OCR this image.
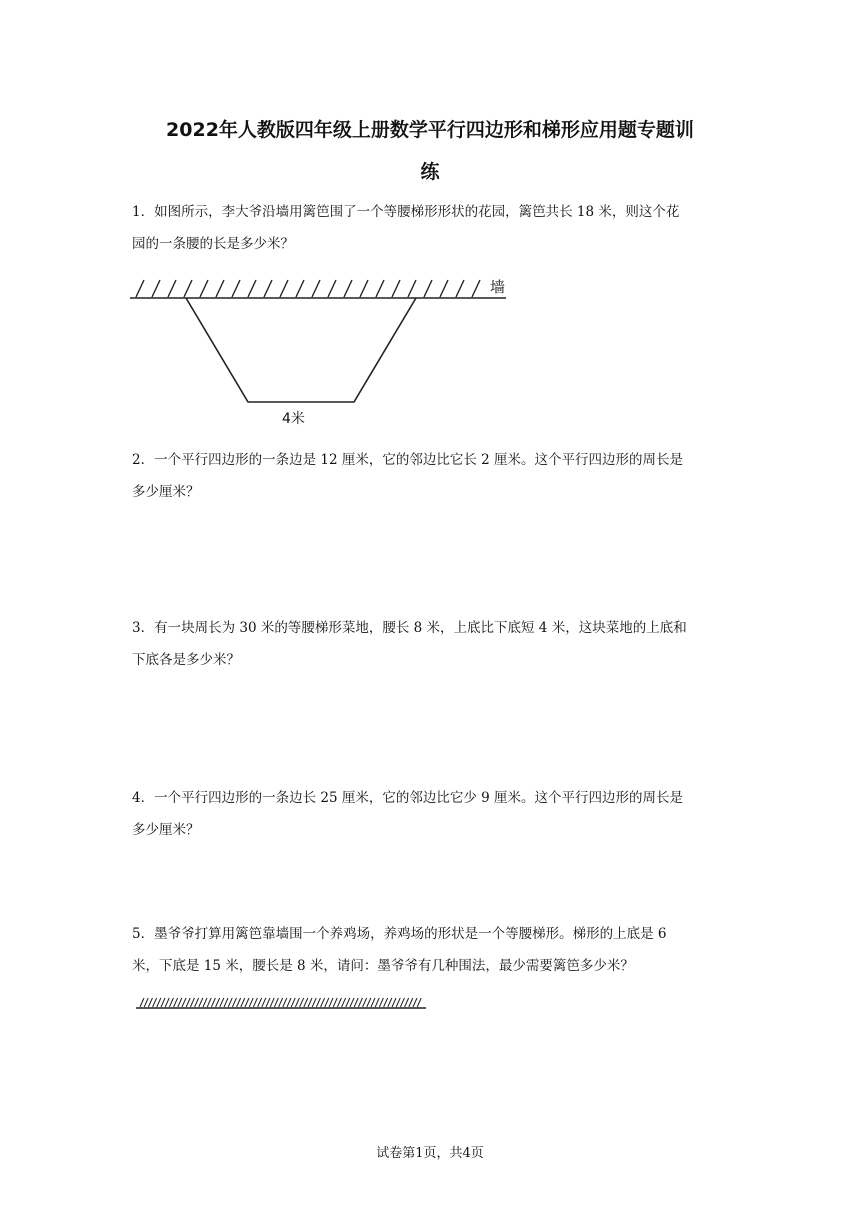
2022年人教版四年级上册数学平行四边形和梯形应用题专题训
练
1．如图所示，李大爷沿墙用篱笆围了一个等腰梯形形状的花园，篱笆共长 18 米，则这个花
园的一条腰的长是多少米？
墙
4米
2．一个平行四边形的一条边是 12 厘米，它的邻边比它长 2 厘米。这个平行四边形的周长是
多少厘米？
3．有一块周长为 30 米的等腰梯形菜地，腰长 8 米，上底比下底短 4 米，这块菜地的上底和
下底各是多少米？
4．一个平行四边形的一条边长 25 厘米，它的邻边比它少 9 厘米。这个平行四边形的周长是
多少厘米？
5．墨爷爷打算用篱笆靠墙围一个养鸡场，养鸡场的形状是一个等腰梯形。梯形的上底是 6
米，下底是 15 米，腰长是 8 米，请问：墨爷爷有几种围法，最少需要篱笆多少米？
试卷第1页，共4页
